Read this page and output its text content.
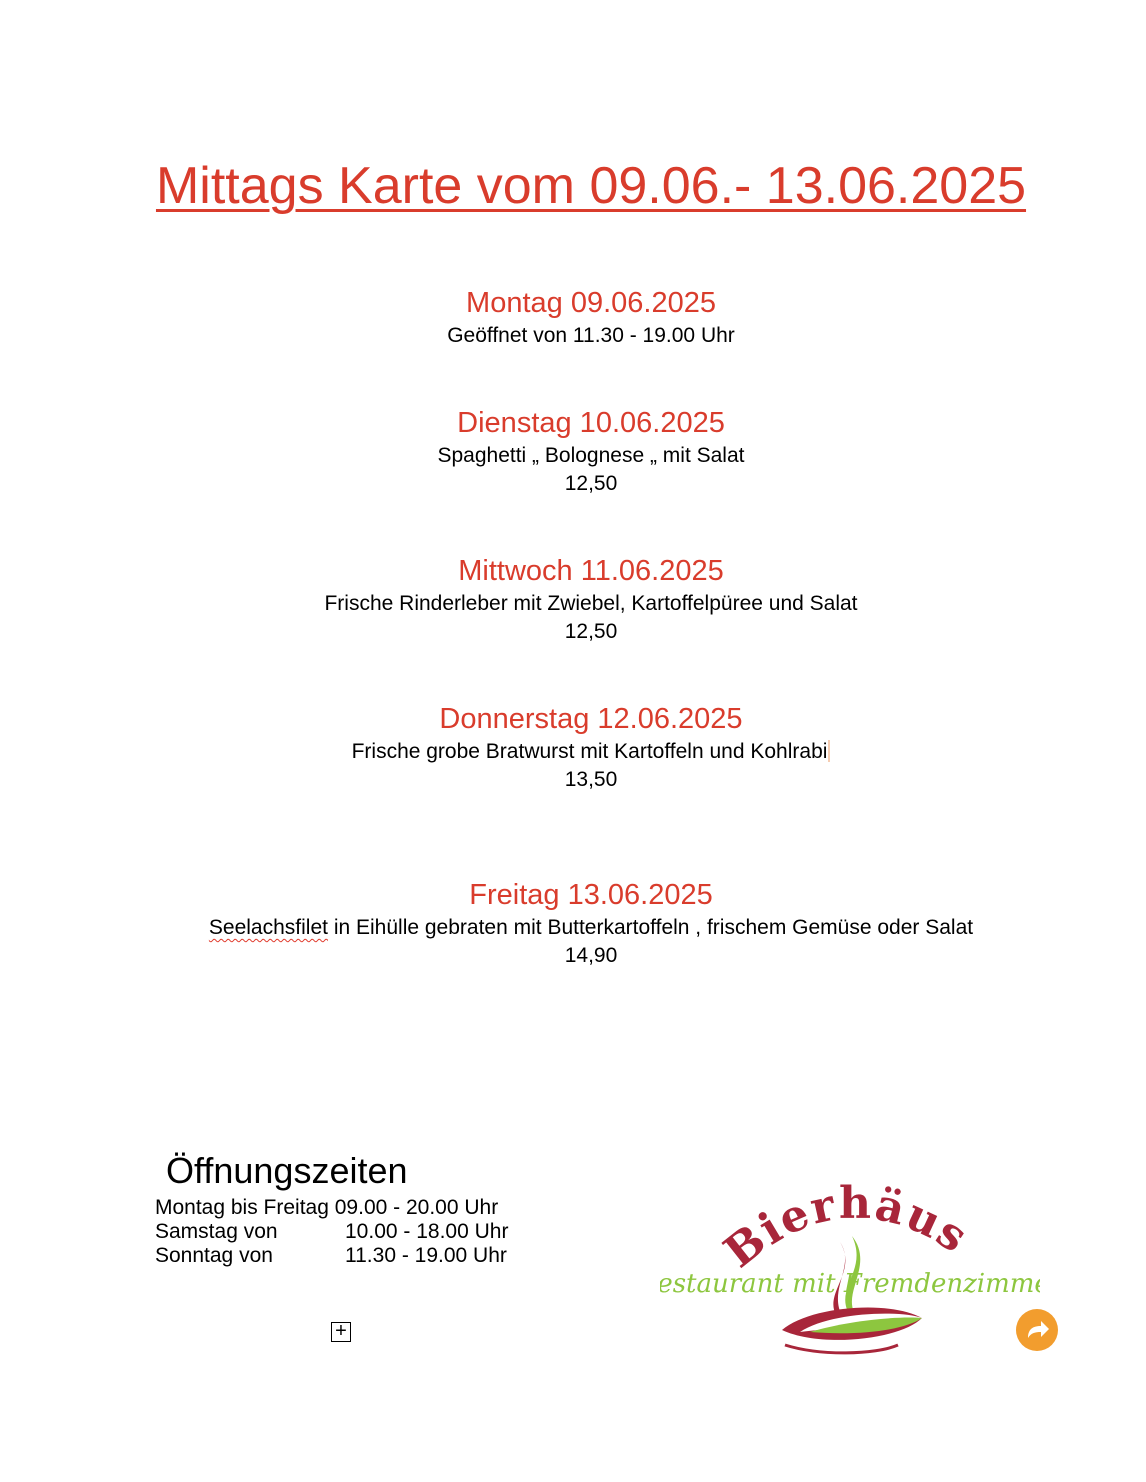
Mittags Karte vom 09.06.- 13.06.2025
Montag 09.06.2025
Geöffnet von 11.30 - 19.00 Uhr
Dienstag 10.06.2025
Spaghetti „ Bolognese „ mit Salat
12,50
Mittwoch 11.06.2025
Frische Rinderleber mit Zwiebel, Kartoffelpüree und Salat
12,50
Donnerstag 12.06.2025
Frische grobe Bratwurst mit Kartoffeln und Kohlrabi
13,50
Freitag 13.06.2025
Seelachsfilet in Eihülle gebraten mit Butterkartoffeln , frischem Gemüse oder Salat
14,90
Öffnungszeiten
Montag bis Freitag 09.00 - 20.00 Uhr	
Samstag von	10.00 - 18.00 Uhr
Sonntag von	11.30 - 19.00 Uhr
+
Bierhäus
staurant mit Fremdenzimm
